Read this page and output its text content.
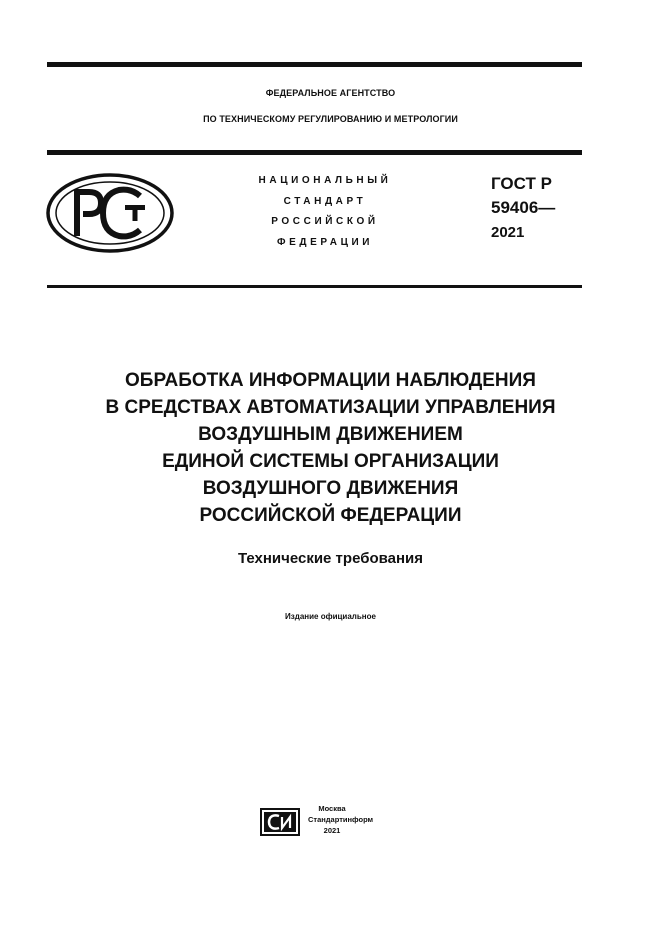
ФЕДЕРАЛЬНОЕ АГЕНТСТВО
ПО ТЕХНИЧЕСКОМУ РЕГУЛИРОВАНИЮ И МЕТРОЛОГИИ
НАЦИОНАЛЬНЫЙ
СТАНДАРТ
РОССИЙСКОЙ
ФЕДЕРАЦИИ
ГОСТ Р
59406—
2021
ОБРАБОТКА ИНФОРМАЦИИ НАБЛЮДЕНИЯ
В СРЕДСТВАХ АВТОМАТИЗАЦИИ УПРАВЛЕНИЯ
ВОЗДУШНЫМ ДВИЖЕНИЕМ
ЕДИНОЙ СИСТЕМЫ ОРГАНИЗАЦИИ
ВОЗДУШНОГО ДВИЖЕНИЯ
РОССИЙСКОЙ ФЕДЕРАЦИИ
Технические требования
Издание официальное
Москва
Стандартинформ
2021
